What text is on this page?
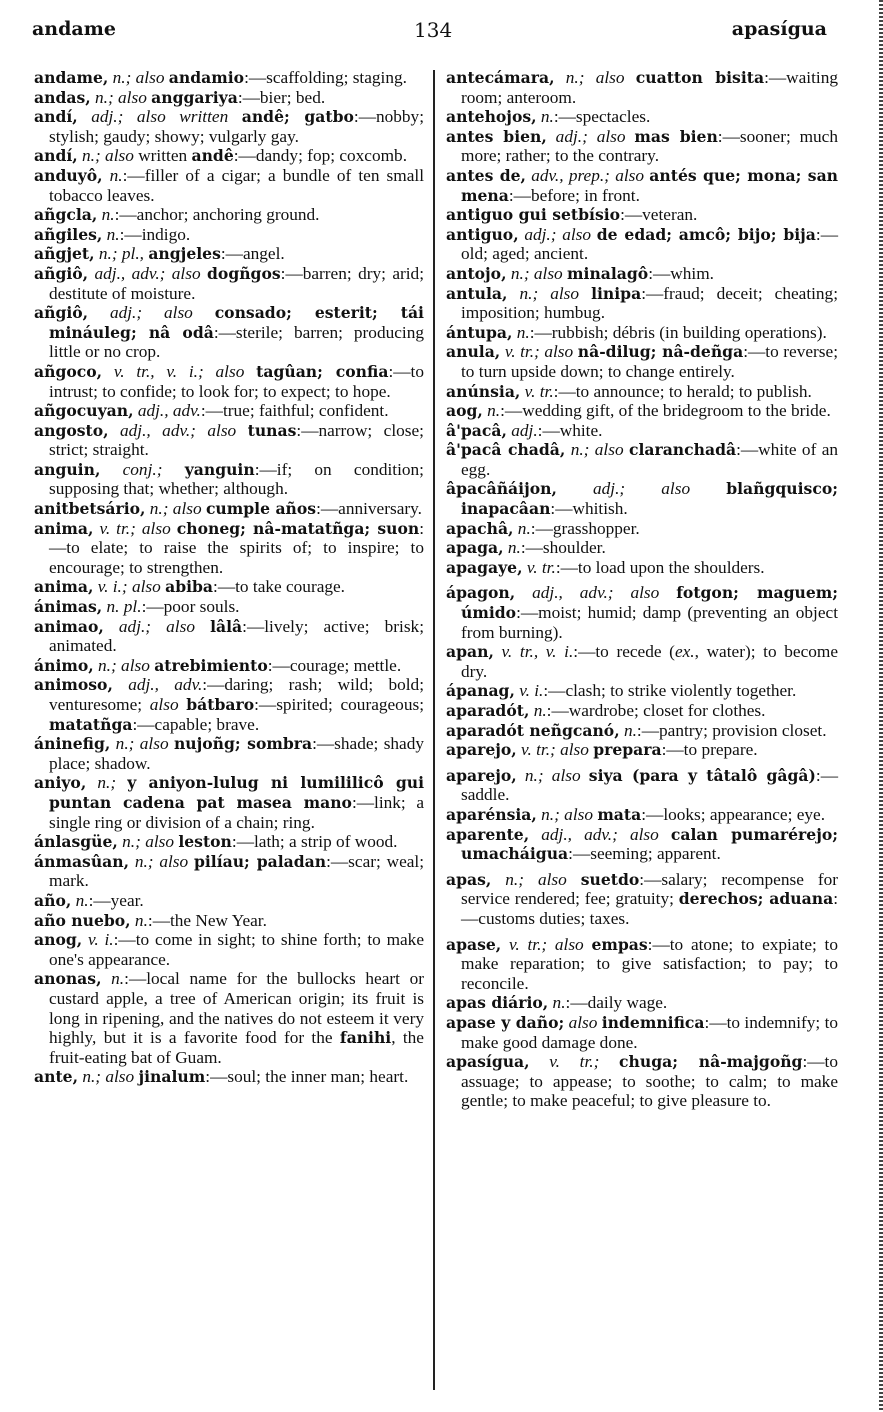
andame	134	apasígua

andame, n.; also andamio:—scaffolding; staging.

andas, n.; also anggariya:—bier; bed.

andí, adj.; also written andê; gatbo:—nobby; stylish; gaudy; showy; vulgarly gay.

andí, n.; also written andê:—dandy; fop; coxcomb.

anduyô, n.:—filler of a cigar; a bundle of ten small tobacco leaves.

añgcla, n.:—anchor; anchoring ground.

añgiles, n.:—indigo.

añgjet, n.; pl., angjeles:—angel.

añgiô, adj., adv.; also dogñgos:—barren; dry; arid; destitute of moisture.

añgiô, adj.; also consado; esterit; tái mináuleg; nâ odâ:—sterile; barren; producing little or no crop.

añgoco, v. tr., v. i.; also tagûan; confia:—to intrust; to confide; to look for; to expect; to hope.

añgocuyan, adj., adv.:—true; faithful; confident.

angosto, adj., adv.; also tunas:—narrow; close; strict; straight.

anguin, conj.; yanguin:—if; on condition; supposing that; whether; although.

anitbetsário, n.; also cumple años:—anniversary.

anima, v. tr.; also choneg; nâ-matatñga; suon:—to elate; to raise the spirits of; to inspire; to encourage; to strengthen.

anima, v. i.; also abiba:—to take courage.

ánimas, n. pl.:—poor souls.

animao, adj.; also lâlâ:—lively; active; brisk; animated.

ánimo, n.; also atrebimiento:—courage; mettle.

animoso, adj., adv.:—daring; rash; wild; bold; venturesome; also bátbaro:—spirited; courageous; matatñga:—capable; brave.

áninefig, n.; also nujoñg; sombra:—shade; shady place; shadow.

aniyo, n.; y aniyon-lulug ni lumililicô gui puntan cadena pat masea mano:—link; a single ring or division of a chain; ring.

ánlasgüe, n.; also leston:—lath; a strip of wood.

ánmasûan, n.; also pilíau; paladan:—scar; weal; mark.

año, n.:—year.

año nuebo, n.:—the New Year.

anog, v. i.:—to come in sight; to shine forth; to make one's appearance.

anonas, n.:—local name for the bullocks heart or custard apple, a tree of American origin; its fruit is long in ripening, and the natives do not esteem it very highly, but it is a favorite food for the fanihi, the fruit-eating bat of Guam.

ante, n.; also jinalum:—soul; the inner man; heart.

antecámara, n.; also cuatton bisita:—waiting room; anteroom.

antehojos, n.:—spectacles.

antes bien, adj.; also mas bien:—sooner; much more; rather; to the contrary.

antes de, adv., prep.; also antés que; mona; san mena:—before; in front.

antiguo gui setbísio:—veteran.

antiguo, adj.; also de edad; amcô; bijo; bija:—old; aged; ancient.

antojo, n.; also minalagô:—whim.

antula, n.; also linipa:—fraud; deceit; cheating; imposition; humbug.

ántupa, n.:—rubbish; débris (in building operations).

anula, v. tr.; also nâ-dilug; nâ-deñga:—to reverse; to turn upside down; to change entirely.

anúnsia, v. tr.:—to announce; to herald; to publish.

aog, n.:—wedding gift, of the bridegroom to the bride.

â'pacâ, adj.:—white.

â'pacâ chadâ, n.; also claranchadâ:—white of an egg.

âpacâñáijon, adj.; also blañgquisco; inapacâan:—whitish.

apachâ, n.:—grasshopper.

apaga, n.:—shoulder.

apagaye, v. tr.:—to load upon the shoulders.

ápagon, adj., adv.; also fotgon; maguem; úmido:—moist; humid; damp (preventing an object from burning).

apan, v. tr., v. i.:—to recede (ex., water); to become dry.

ápanag, v. i.:—clash; to strike violently together.

aparadót, n.:—wardrobe; closet for clothes.

aparadót neñgcanó, n.:—pantry; provision closet.

aparejo, v. tr.; also prepara:—to prepare.

aparejo, n.; also siya (para y tâtalô gâgâ):—saddle.

aparénsia, n.; also mata:—looks; appearance; eye.

aparente, adj., adv.; also calan pumarérejo; umacháigua:—seeming; apparent.

apas, n.; also suetdo:—salary; recompense for service rendered; fee; gratuity; derechos; aduana:—customs duties; taxes.

apase, v. tr.; also empas:—to atone; to expiate; to make reparation; to give satisfaction; to pay; to reconcile.

apas diário, n.:—daily wage.

apase y daño; also indemnifica:—to indemnify; to make good damage done.

apasígua, v. tr.; chuga; nâ-majgoñg:—to assuage; to appease; to soothe; to calm; to make gentle; to make peaceful; to give pleasure to.
